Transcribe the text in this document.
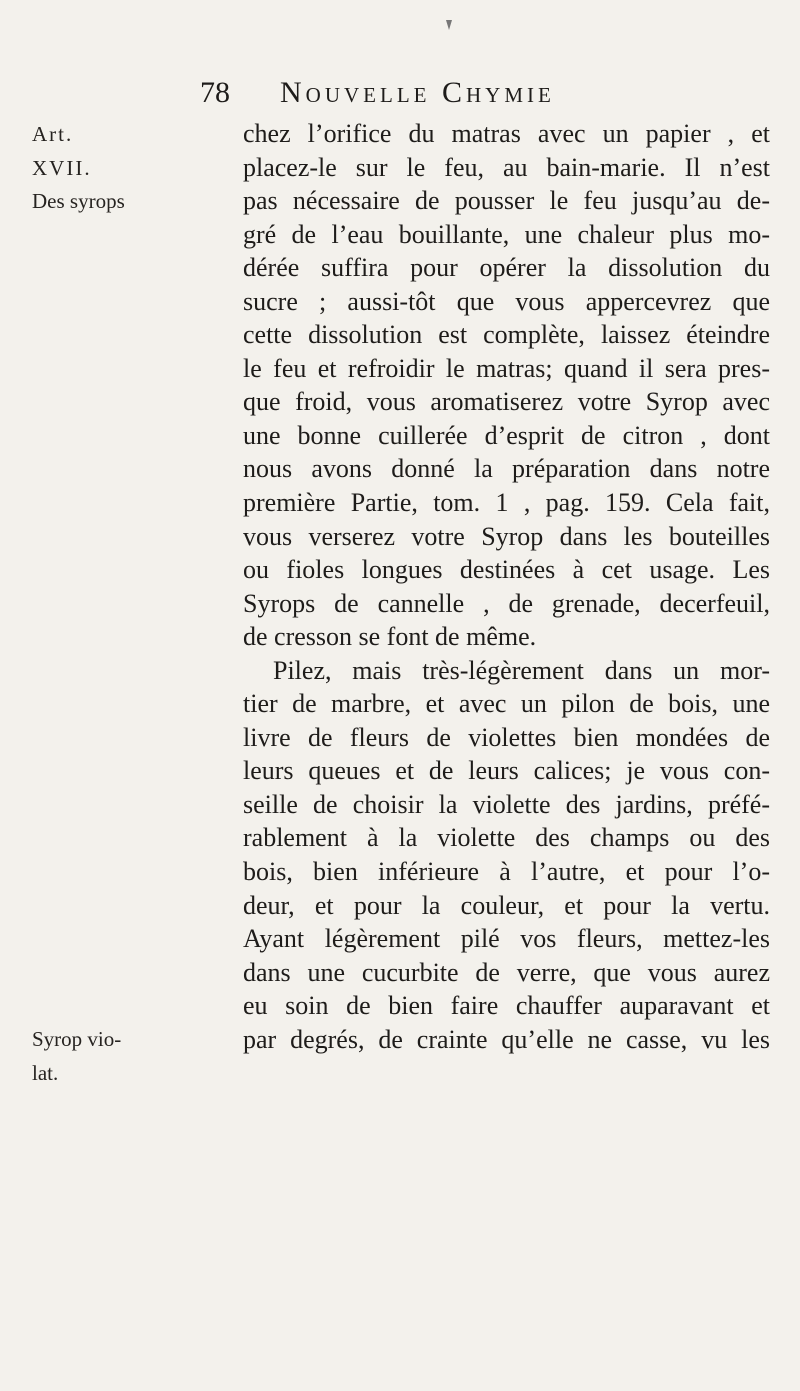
78 Nouvelle Chymie
Art.
XVII.
Des syrops
Syrop vio-
lat.
chez l’orifice du matras avec un papier , et
placez-le sur le feu, au bain-marie. Il n’est
pas nécessaire de pousser le feu jusqu’au de-
gré de l’eau bouillante, une chaleur plus mo-
dérée suffira pour opérer la dissolution du
sucre ; aussi-tôt que vous appercevrez que
cette dissolution est complète, laissez éteindre
le feu et refroidir le matras; quand il sera pres-
que froid, vous aromatiserez votre Syrop avec
une bonne cuillerée d’esprit de citron , dont
nous avons donné la préparation dans notre
première Partie, tom. 1 , pag. 159. Cela fait,
vous verserez votre Syrop dans les bouteilles
ou fioles longues destinées à cet usage. Les
Syrops de cannelle , de grenade, decerfeuil,
de cresson se font de même.
Pilez, mais très-légèrement dans un mor-
tier de marbre, et avec un pilon de bois, une
livre de fleurs de violettes bien mondées de
leurs queues et de leurs calices; je vous con-
seille de choisir la violette des jardins, préfé-
rablement à la violette des champs ou des
bois, bien inférieure à l’autre, et pour l’o-
deur, et pour la couleur, et pour la vertu.
Ayant légèrement pilé vos fleurs, mettez-les
dans une cucurbite de verre, que vous aurez
eu soin de bien faire chauffer auparavant et
par degrés, de crainte qu’elle ne casse, vu les
